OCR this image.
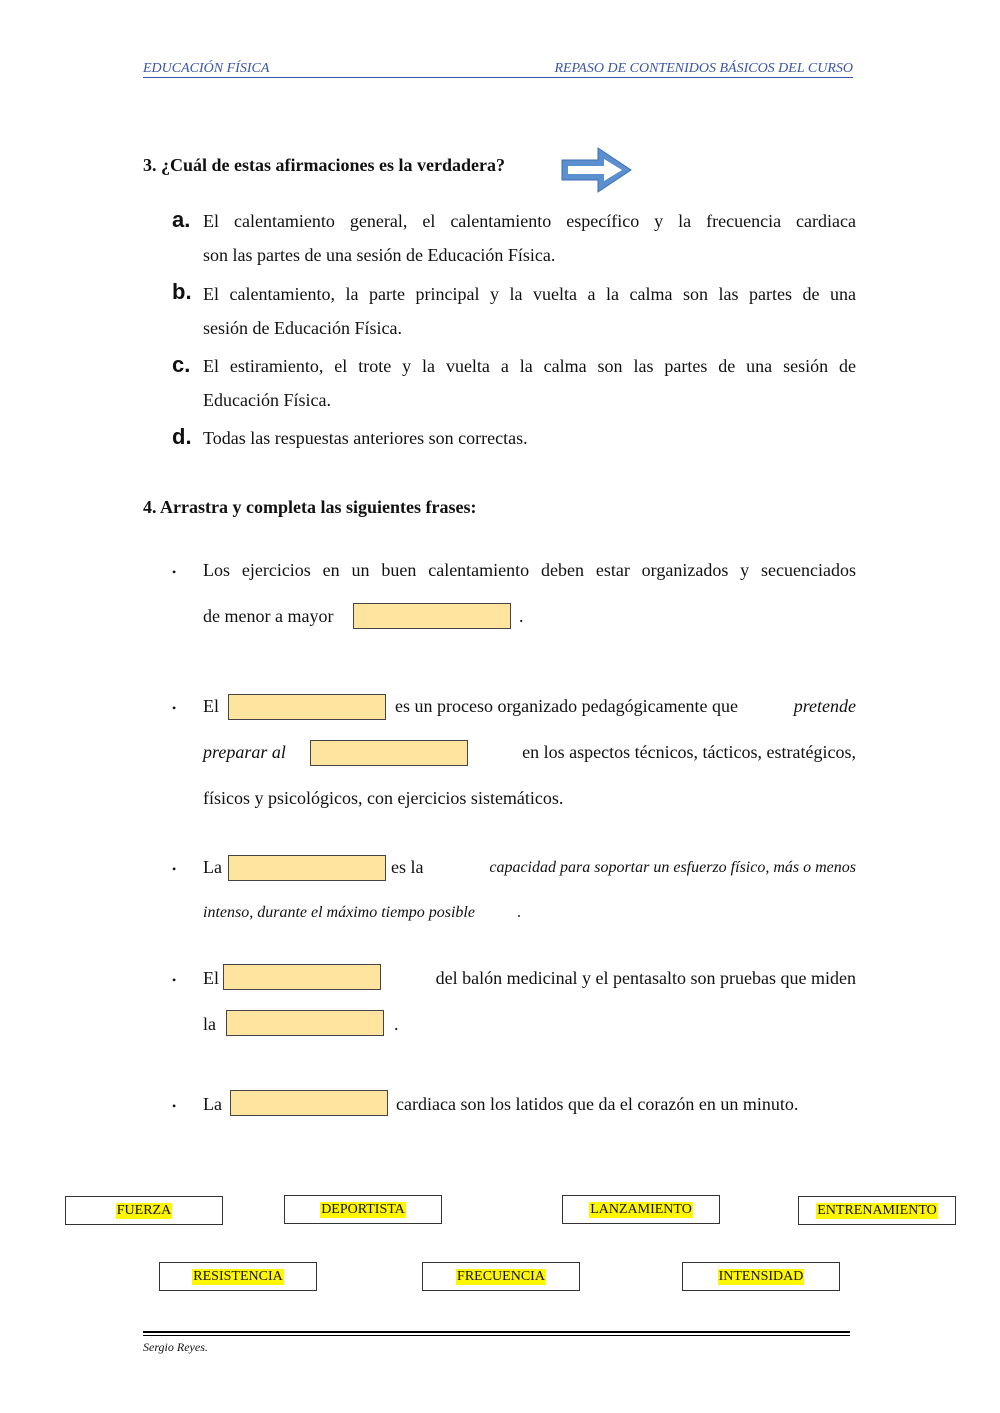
EDUCACIÓN FÍSICA	REPASO DE CONTENIDOS BÁSICOS DEL CURSO
3. ¿Cuál de estas afirmaciones es la verdadera?
a. El calentamiento general, el calentamiento específico y la frecuencia cardiaca
son las partes de una sesión de Educación Física.
b. El calentamiento, la parte principal y la vuelta a la calma son las partes de una
sesión de Educación Física.
c. El estiramiento, el trote y la vuelta a la calma son las partes de una sesión de
Educación Física.
d. Todas las respuestas anteriores son correctas.
4. Arrastra y completa las siguientes frases:
• Los ejercicios en un buen calentamiento deben estar organizados y secuenciados
de menor a mayor	.
• El	es un proceso organizado pedagógicamente que	pretende
preparar al	en los aspectos técnicos, tácticos, estratégicos,
físicos y psicológicos, con ejercicios sistemáticos.
• La	es la	capacidad para soportar un esfuerzo físico, más o menos
intenso, durante el máximo tiempo posible	.
• El	del balón medicinal y el pentasalto son pruebas que miden
la	.
• La	cardiaca son los latidos que da el corazón en un minuto.
FUERZA	DEPORTISTA	LANZAMIENTO	ENTRENAMIENTO
RESISTENCIA	FRECUENCIA	INTENSIDAD
Sergio Reyes.
